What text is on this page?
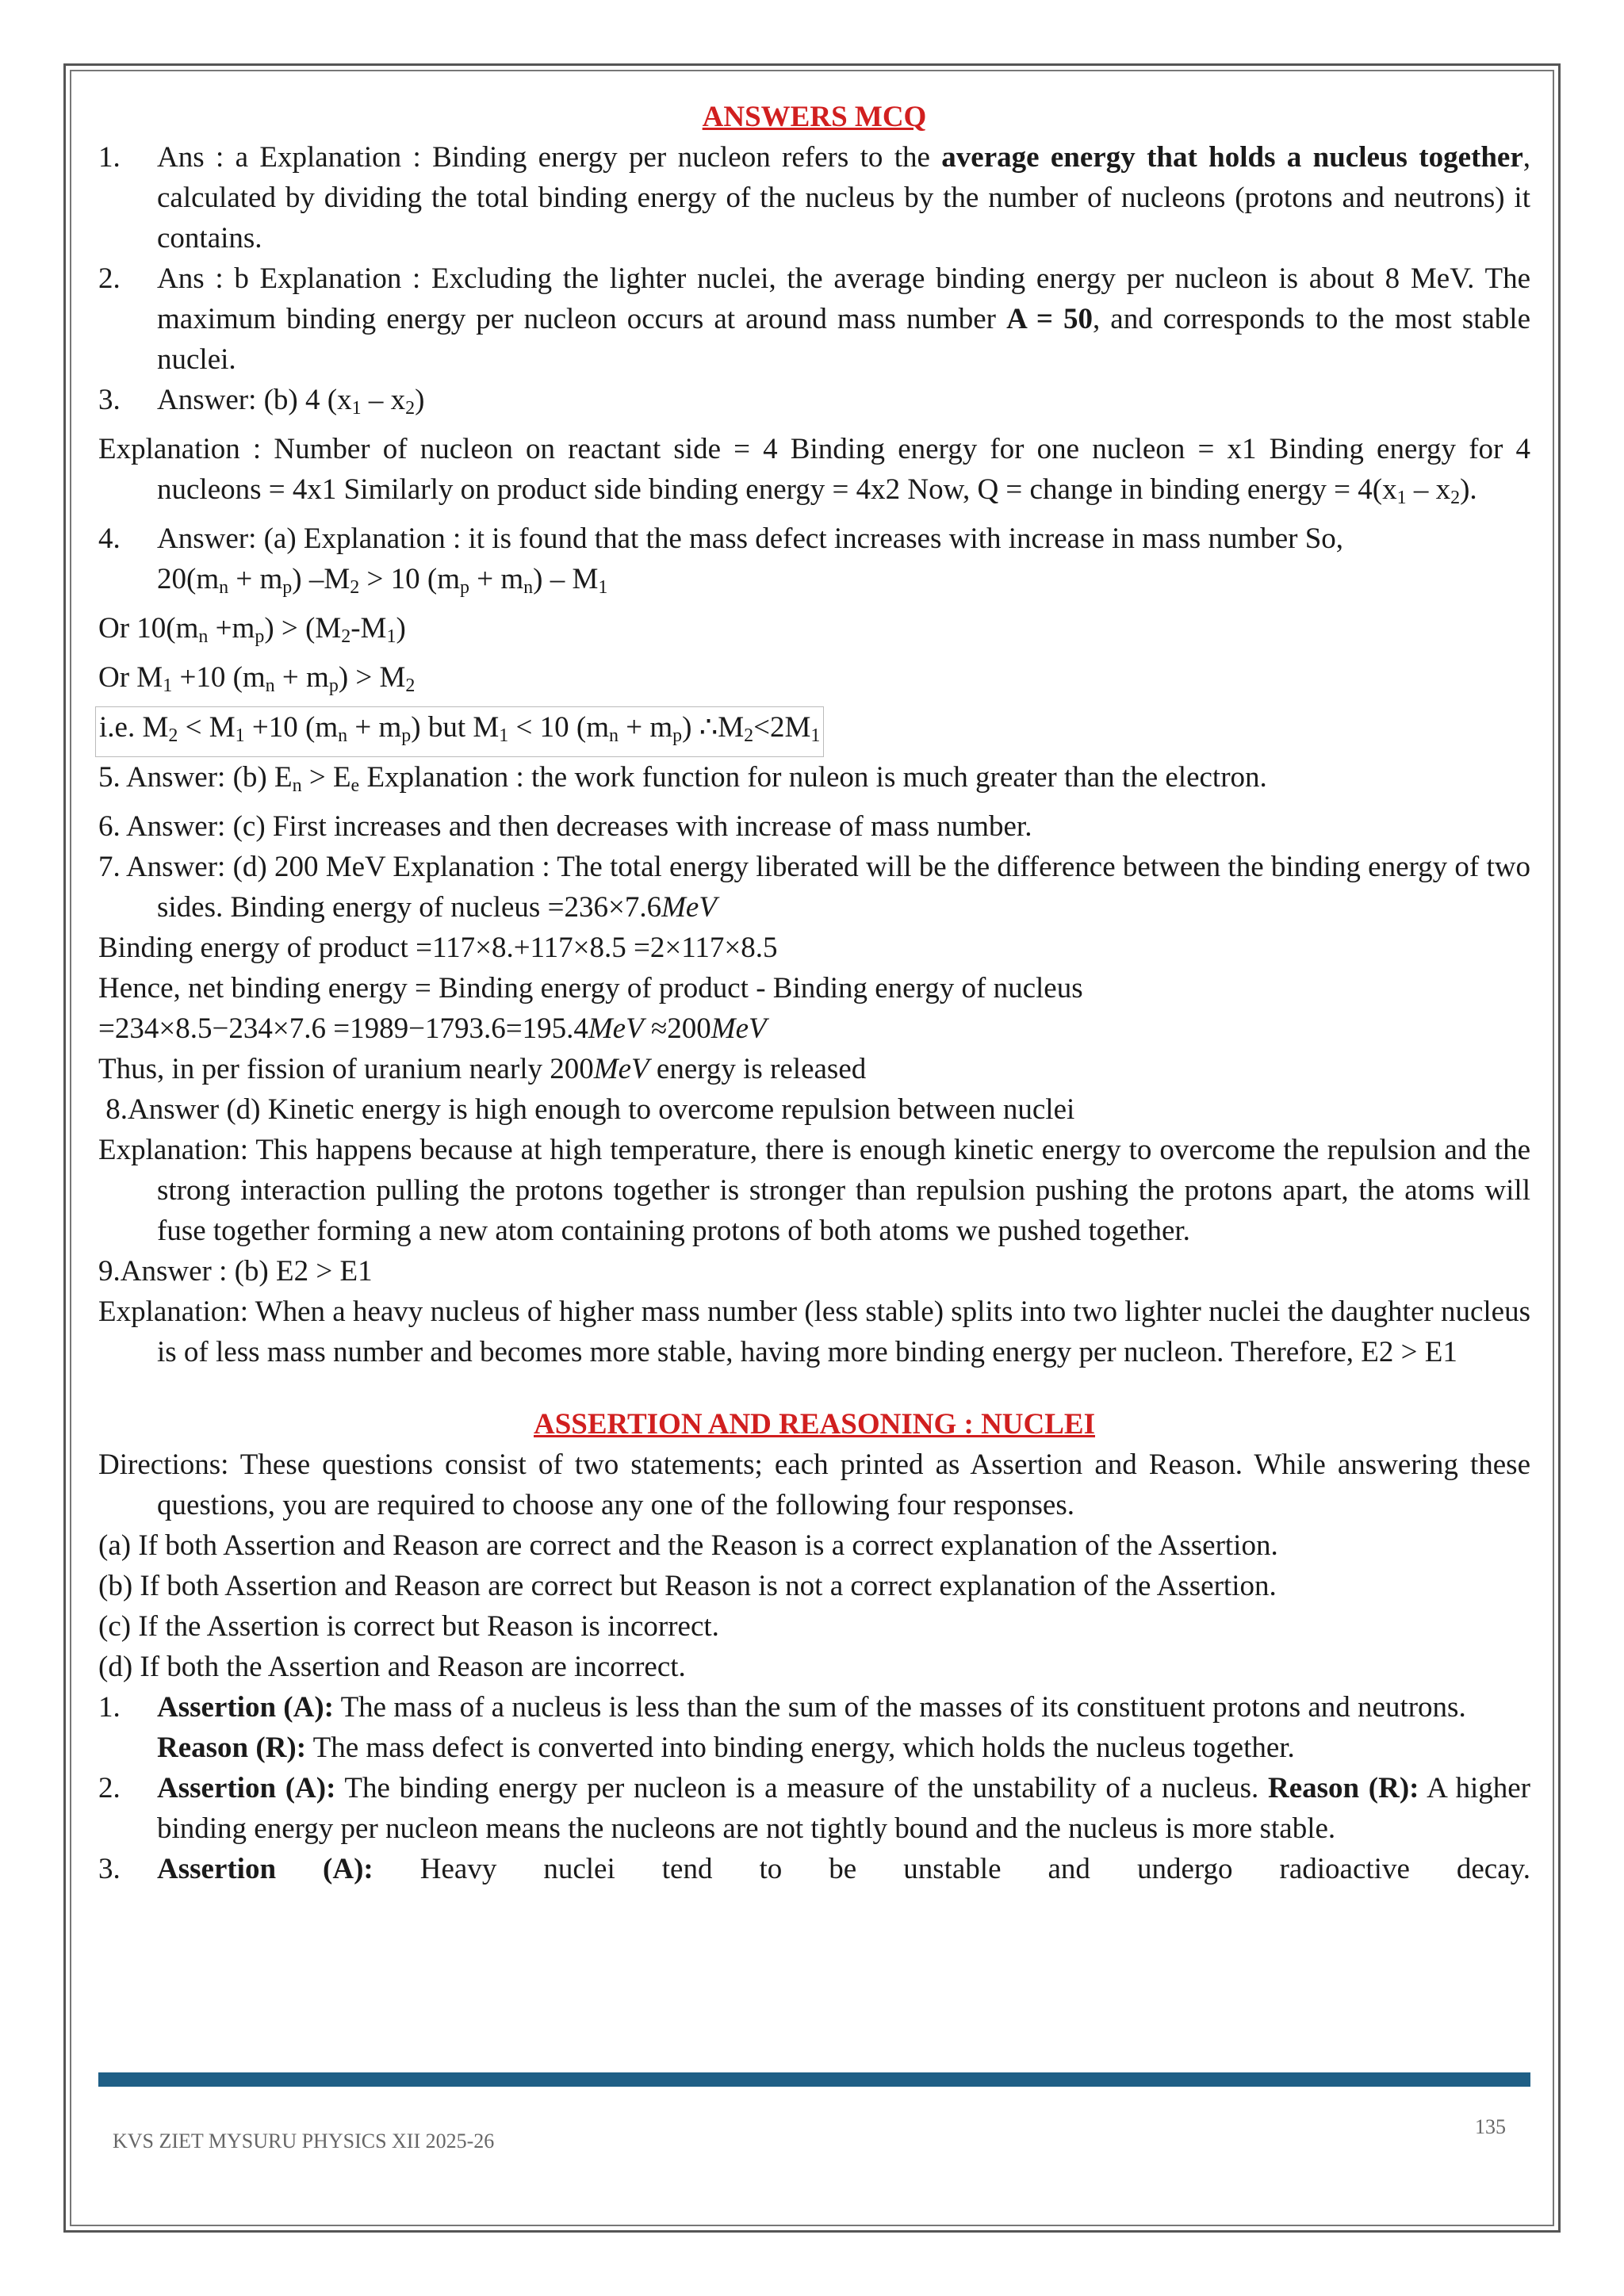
ANSWERS MCQ

1. Ans : a Explanation : Binding energy per nucleon refers to the average energy that holds a nucleus together, calculated by dividing the total binding energy of the nucleus by the number of nucleons (protons and neutrons) it contains.
2. Ans : b Explanation : Excluding the lighter nuclei, the average binding energy per nucleon is about 8 MeV. The maximum binding energy per nucleon occurs at around mass number A = 50, and corresponds to the most stable nuclei.
3. Answer: (b) 4 $(x_1 - x_2)$
Explanation : Number of nucleon on reactant side = 4 Binding energy for one nucleon = x1 Binding energy for 4 nucleons = 4x1 Similarly on product side binding energy = 4x2 Now, Q = change in binding energy = $4(x_1 - x_2)$.
4. Answer: (a) Explanation : it is found that the mass defect increases with increase in mass number So,
$20(m_n + m_p) -M_2 > 10$ $(m_p + m_n) - M_1$
Or $10(m_n +m_p) > (M_2-M_1)$
Or $M_1 +10$ $(m_n + m_p) > M_2$
i.e. $M_2 < M_1 +10$ $(m_n + m_p)$ but $M_1 < 10$ $(m_n + m_p)$ $\therefore M_2<2M_1$
5. Answer: (b) $E_n > E_e$ Explanation : the work function for nuleon is much greater than the electron.
6. Answer: (c) First increases and then decreases with increase of mass number.
7. Answer: (d) 200 MeV Explanation : The total energy liberated will be the difference between the binding energy of two sides. Binding energy of nucleus =236×7.6MeV
Binding energy of product =117×8.+117×8.5 =2×117×8.5
Hence, net binding energy = Binding energy of product - Binding energy of nucleus
=234×8.5−234×7.6 =1989−1793.6=195.4MeV ≈200MeV
Thus, in per fission of uranium nearly 200MeV energy is released
8.Answer (d) Kinetic energy is high enough to overcome repulsion between nuclei
Explanation: This happens because at high temperature, there is enough kinetic energy to overcome the repulsion and the strong interaction pulling the protons together is stronger than repulsion pushing the protons apart, the atoms will fuse together forming a new atom containing protons of both atoms we pushed together.
9.Answer : (b) E2 > E1
Explanation: When a heavy nucleus of higher mass number (less stable) splits into two lighter nuclei the daughter nucleus is of less mass number and becomes more stable, having more binding energy per nucleon. Therefore, E2 > E1

ASSERTION AND REASONING : NUCLEI

Directions: These questions consist of two statements; each printed as Assertion and Reason. While answering these questions, you are required to choose any one of the following four responses.
(a) If both Assertion and Reason are correct and the Reason is a correct explanation of the Assertion.
(b) If both Assertion and Reason are correct but Reason is not a correct explanation of the Assertion.
(c) If the Assertion is correct but Reason is incorrect.
(d) If both the Assertion and Reason are incorrect.
1. Assertion (A): The mass of a nucleus is less than the sum of the masses of its constituent protons and neutrons.
Reason (R): The mass defect is converted into binding energy, which holds the nucleus together.
2. Assertion (A): The binding energy per nucleon is a measure of the unstability of a nucleus. Reason (R): A higher binding energy per nucleon means the nucleons are not tightly bound and the nucleus is more stable.
3. Assertion (A): Heavy nuclei tend to be unstable and undergo radioactive decay.
KVS ZIET MYSURU PHYSICS XII 2025-26
135
